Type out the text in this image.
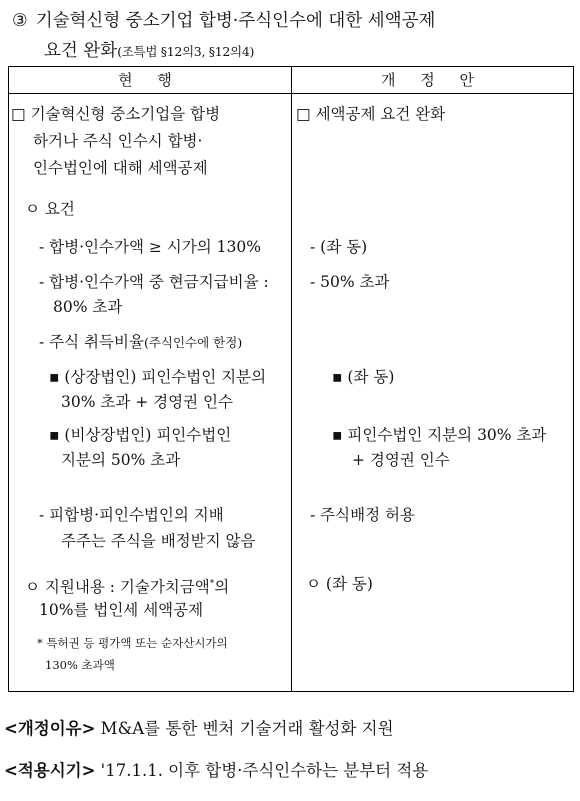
③ 기술혁신형 중소기업 합병·주식인수에 대한 세액공제
요건 완화(조특법 §12의3, §12의4)
현 행	개 정 안
□ 기술혁신형 중소기업을 합병
하거나 주식 인수시 합병·
인수법인에 대해 세액공제
ㅇ 요건
- 합병·인수가액 ≥ 시가의 130%
- 합병·인수가액 중 현금지급비율 :
80% 초과
- 주식 취득비율(주식인수에 한정)
▪ (상장법인) 피인수법인 지분의
30% 초과 + 경영권 인수
▪ (비상장법인) 피인수법인
지분의 50% 초과
- 피합병·피인수법인의 지배
주주는 주식을 배정받지 않음
ㅇ 지원내용 : 기술가치금액*의
10%를 법인세 세액공제
* 특허권 등 평가액 또는 순자산시가의
130% 초과액
□ 세액공제 요건 완화
- (좌 동)
- 50% 초과
▪ (좌 동)
▪ 피인수법인 지분의 30% 초과
+ 경영권 인수
- 주식배정 허용
ㅇ (좌 동)
<개정이유> M&A를 통한 벤처 기술거래 활성화 지원
<적용시기> '17.1.1. 이후 합병·주식인수하는 분부터 적용
